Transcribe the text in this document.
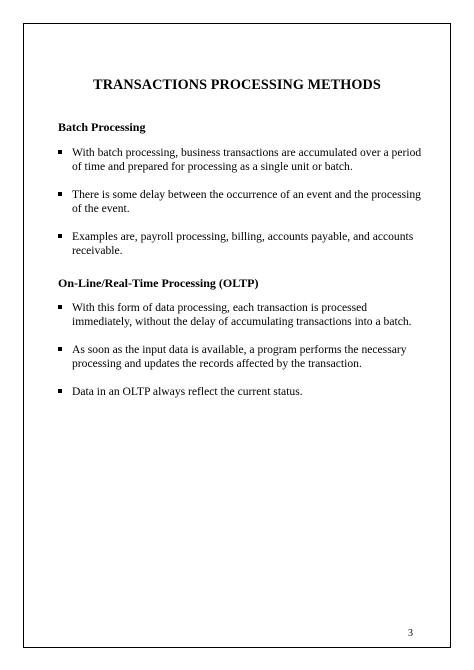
TRANSACTIONS PROCESSING METHODS
Batch Processing
With batch processing, business transactions are accumulated over a period of time and prepared for processing as a single unit or batch.
There is some delay between the occurrence of an event and the processing of the event.
Examples are, payroll processing, billing, accounts payable, and accounts receivable.
On-Line/Real-Time Processing (OLTP)
With this form of data processing, each transaction is processed immediately, without the delay of accumulating transactions into a batch.
As soon as the input data is available, a program performs the necessary processing and updates the records affected by the transaction.
Data in an OLTP always reflect the current status.
3
